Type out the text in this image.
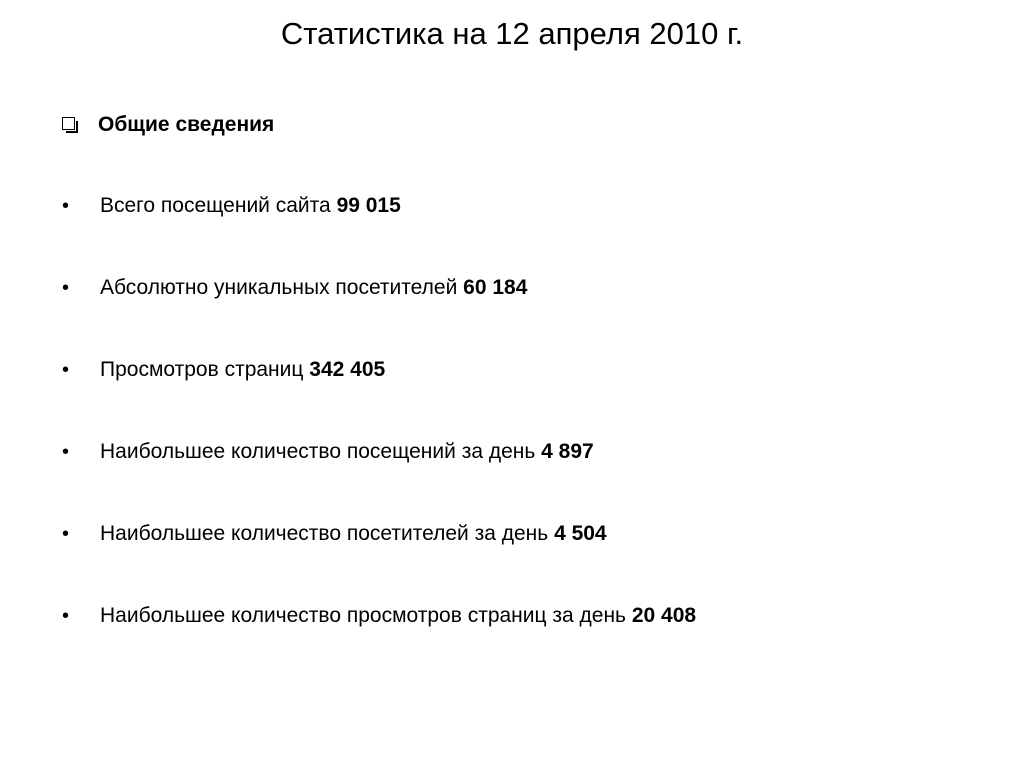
Статистика на 12 апреля 2010 г.
Общие сведения
•	Всего посещений сайта 99 015
•	Абсолютно уникальных посетителей 60 184
•	Просмотров страниц 342 405
•	Наибольшее количество посещений за день 4 897
•	Наибольшее количество посетителей за день 4 504
•	Наибольшее количество просмотров страниц за день 20 408
